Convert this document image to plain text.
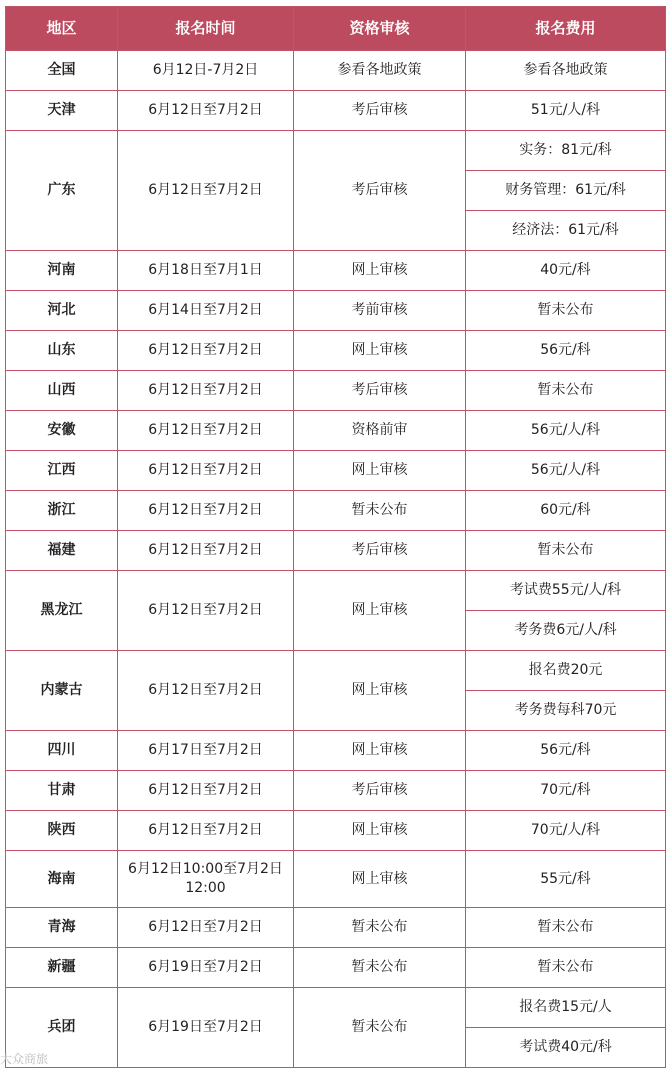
地区	报名时间	资格审核	报名费用
全国	6月12日-7月2日	参看各地政策	参看各地政策
天津	6月12日至7月2日	考后审核	51元/人/科
广东	6月12日至7月2日	考后审核	实务：81元/科
			财务管理：61元/科
			经济法：61元/科
河南	6月18日至7月1日	网上审核	40元/科
河北	6月14日至7月2日	考前审核	暂未公布
山东	6月12日至7月2日	网上审核	56元/科
山西	6月12日至7月2日	考后审核	暂未公布
安徽	6月12日至7月2日	资格前审	56元/人/科
江西	6月12日至7月2日	网上审核	56元/人/科
浙江	6月12日至7月2日	暂未公布	60元/科
福建	6月12日至7月2日	考后审核	暂未公布
黑龙江	6月12日至7月2日	网上审核	考试费55元/人/科
			考务费6元/人/科
内蒙古	6月12日至7月2日	网上审核	报名费20元
			考务费每科70元
四川	6月17日至7月2日	网上审核	56元/科
甘肃	6月12日至7月2日	考后审核	70元/科
陕西	6月12日至7月2日	网上审核	70元/人/科
海南	6月12日10:00至7月2日12:00	网上审核	55元/科
青海	6月12日至7月2日	暂未公布	暂未公布
新疆	6月19日至7月2日	暂未公布	暂未公布
兵团	6月19日至7月2日	暂未公布	报名费15元/人
			考试费40元/科
大众商旅
